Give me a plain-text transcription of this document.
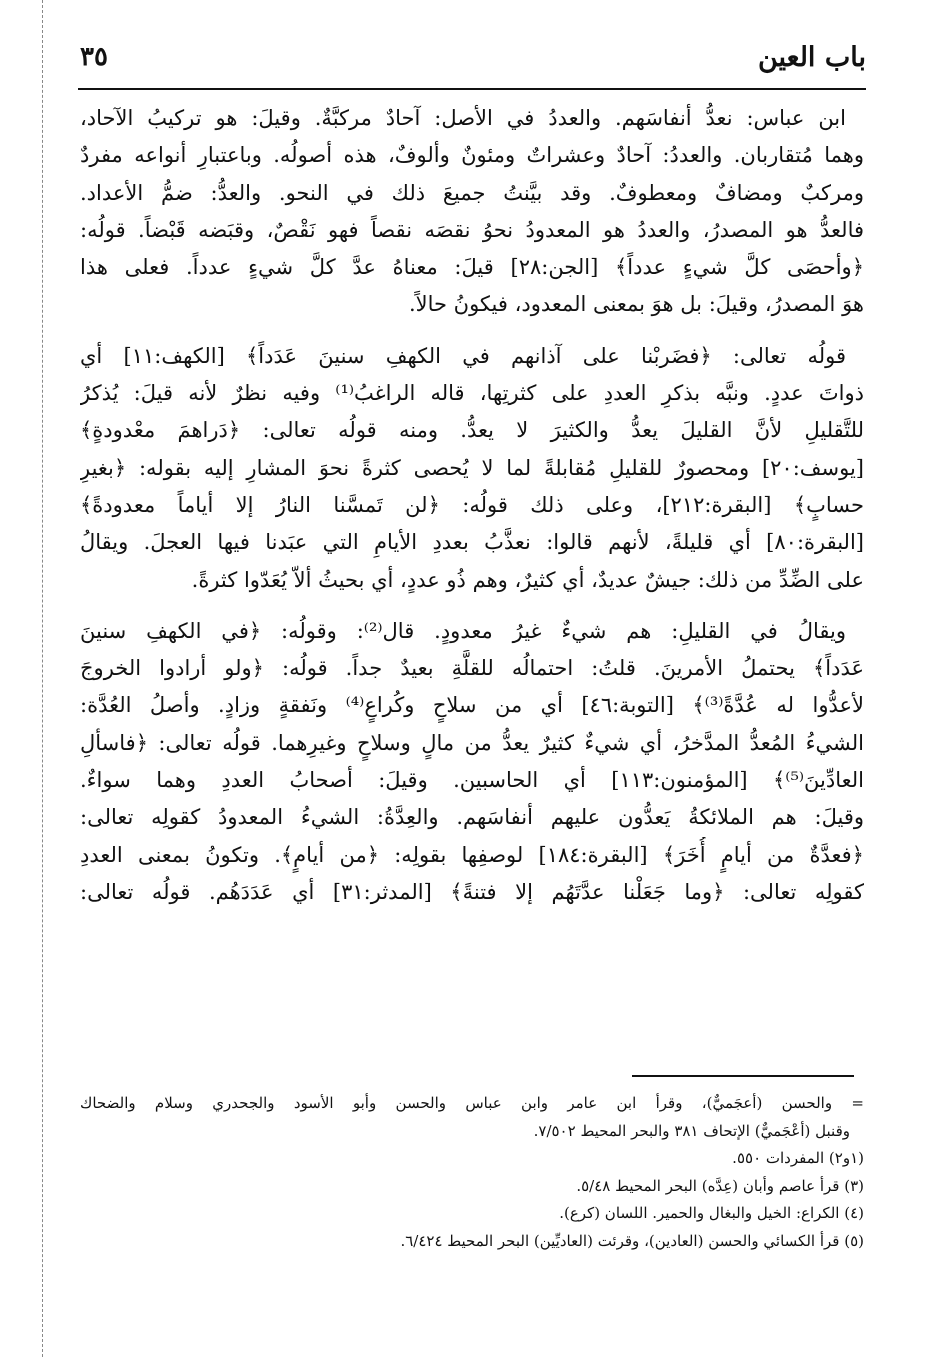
باب العين
٣٥

ابن عباس: نعدُّ أنفاسَهم. والعددُ في الأصل: آحادٌ مركبَّةٌ. وقيلَ: هو تركيبُ الآحاد،
وهما مُتقاربان. والعددُ: آحادٌ وعشراتٌ ومئونٌ وألوفٌ، هذه أصولُه. وباعتبارِ أنواعه مفردٌ
ومركبٌ ومضافٌ ومعطوفٌ. وقد بيَّنتُ جميعَ ذلك في النحو. والعدُّ: ضمُّ الأعداد.
فالعدُّ هو المصدرُ، والعددُ هو المعدودُ نحوُ نقصَه نقصاً فهو نَقْصٌ، وقبَضه قَبْضاً. قولُه:
﴿وأحصَى كلَّ شيءٍ عدداً﴾ [الجن:٢٨] قيلَ: معناهُ عدَّ كلَّ شيءٍ عدداً. فعلى هذا
هوَ المصدرُ، وقيلَ: بل هوَ بمعنى المعدود، فيكونُ حالاً.

قولُه تعالى: ﴿فضَربْنا على آذانهم في الكهفِ سنينَ عَدَداً﴾ [الكهف:١١] أي
ذواتَ عددٍ. ونبَّه بذكرِ العددِ على كثرتِها، قاله الراغبُ⁽¹⁾ وفيه نظرٌ لأنه قيلَ: يُذكرُ
للتَّقليلِ لأنَّ القليلَ يعدُّ والكثيرَ لا يعدُّ. ومنه قولُه تعالى: ﴿دَراهمَ معْدودةٍ﴾
[يوسف:٢٠] ومحصورٌ للقليلِ مُقابلةً لما لا يُحصى كثرةً نحوَ المشارِ إليه بقوله: ﴿بغيرِ
حسابٍ﴾ [البقرة:٢١٢]، وعلى ذلك قولُه: ﴿لن تَمسَّنا النارُ إلا أياماً معدودةً﴾
[البقرة:٨٠] أي قليلةً، لأنهم قالوا: نعذَّبُ بعددِ الأيامِ التي عبَدنا فيها العجلَ. ويقالُ
على الضِّدِّ من ذلك: جيشٌ عديدٌ، أي كثيرٌ، وهم ذُو عددٍ، أي بحيثُ ألاّ يُعَدّوا كثرةً.

ويقالُ في القليلِ: هم شيءٌ غيرُ معدودٍ. قال⁽²⁾: وقولُه: ﴿في الكهفِ سنينَ
عَدَداً﴾ يحتملُ الأمرينَ. قلتُ: احتمالُه للقلَّةِ بعيدٌ جداً. قولُه: ﴿ولو أرادوا الخروجَ
لأعدُّوا له عُدَّةً⁽³⁾﴾ [التوبة:٤٦] أي من سلاحٍ وكُراعٍ⁽⁴⁾ ونَفقةٍ وزادٍ. وأصلُ العُدَّة:
الشيءُ المُعدُّ المدَّخرُ، أي شيءٌ كثيرٌ يعدُّ من مالٍ وسلاحٍ وغيرِهما. قولُه تعالى: ﴿فاسألِ
العادِّينَ⁽⁵⁾﴾ [المؤمنون:١١٣] أي الحاسبين. وقيلَ: أصحابُ العددِ وهما سواءٌ.
وقيلَ: هم الملائكةُ يَعدُّون عليهم أنفاسَهم. والعِدَّةُ: الشيءُ المعدودُ كقولِه تعالى:
﴿فعدَّةٌ من أيامٍ أُخَرَ﴾ [البقرة:١٨٤] لوصفِها بقولِه: ﴿من أيامٍ﴾. وتكونُ بمعنى العددِ
كقولِه تعالى: ﴿وما جَعَلْنا عدَّتَهُم إلا فتنةً﴾ [المدثر:٣١] أي عَدَدَهُم. قولُه تعالى:

= والحسن (أعجَميٌّ)، وقرأ ابن عامر وابن عباس والحسن وأبو الأسود والجحدري وسلام والضحاك
وقنبل (أعْجَميٌّ) الإتحاف ٣٨١ والبحر المحيط ٧/٥٠٢.
(١و٢) المفردات ٥٥٠.
(٣) قرأ عاصم وأبان (عِدَّه) البحر المحيط ٥/٤٨.
(٤) الكراع: الخيل والبغال والحمير. اللسان (كرع).
(٥) قرأ الكسائي والحسن (العادين)، وقرئت (العاديِّين) البحر المحيط ٦/٤٢٤.
